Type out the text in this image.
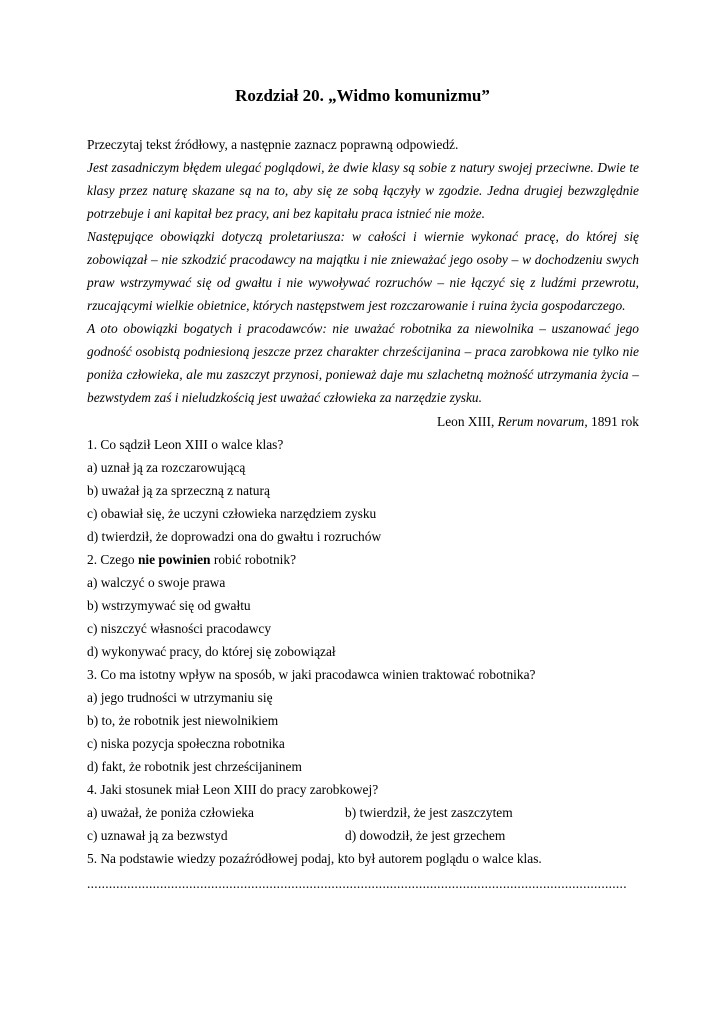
Rozdział 20. „Widmo komunizmu”
Przeczytaj tekst źródłowy, a następnie zaznacz poprawną odpowiedź.

Jest zasadniczym błędem ulegać poglądowi, że dwie klasy są sobie z natury swojej przeciwne. Dwie te klasy przez naturę skazane są na to, aby się ze sobą łączyły w zgodzie. Jedna drugiej bezwzględnie potrzebuje i ani kapitał bez pracy, ani bez kapitału praca istnieć nie może.

Następujące obowiązki dotyczą proletariusza: w całości i wiernie wykonać pracę, do której się zobowiązał – nie szkodzić pracodawcy na majątku i nie znieważać jego osoby – w dochodzeniu swych praw wstrzymywać się od gwałtu i nie wywoływać rozruchów – nie łączyć się z ludźmi przewrotu, rzucającymi wielkie obietnice, których następstwem jest rozczarowanie i ruina życia gospodarczego.

A oto obowiązki bogatych i pracodawców: nie uważać robotnika za niewolnika – uszanować jego godność osobistą podniesioną jeszcze przez charakter chrześcijanina – praca zarobkowa nie tylko nie poniża człowieka, ale mu zaszczyt przynosi, ponieważ daje mu szlachetną możność utrzymania życia – bezwstydem zaś i nieludzkością jest uważać człowieka za narzędzie zysku.

Leon XIII, Rerum novarum, 1891 rok
1. Co sądził Leon XIII o walce klas?
a) uznał ją za rozczarowującą
b) uważał ją za sprzeczną z naturą
c) obawiał się, że uczyni człowieka narzędziem zysku
d) twierdził, że doprowadzi ona do gwałtu i rozruchów
2. Czego nie powinien robić robotnik?
a) walczyć o swoje prawa
b) wstrzymywać się od gwałtu
c) niszczyć własności pracodawcy
d) wykonywać pracy, do której się zobowiązał
3. Co ma istotny wpływ na sposób, w jaki pracodawca winien traktować robotnika?
a) jego trudności w utrzymaniu się
b) to, że robotnik jest niewolnikiem
c) niska pozycja społeczna robotnika
d) fakt, że robotnik jest chrześcijaninem
4. Jaki stosunek miał Leon XIII do pracy zarobkowej?
a) uważał, że poniża człowieka	b) twierdził, że jest zaszczytem
c) uznawał ją za bezwstyd	d) dowodził, że jest grzechem
5. Na podstawie wiedzy pozaźródłowej podaj, kto był autorem poglądu o walce klas.
....................................................................................................................................................
